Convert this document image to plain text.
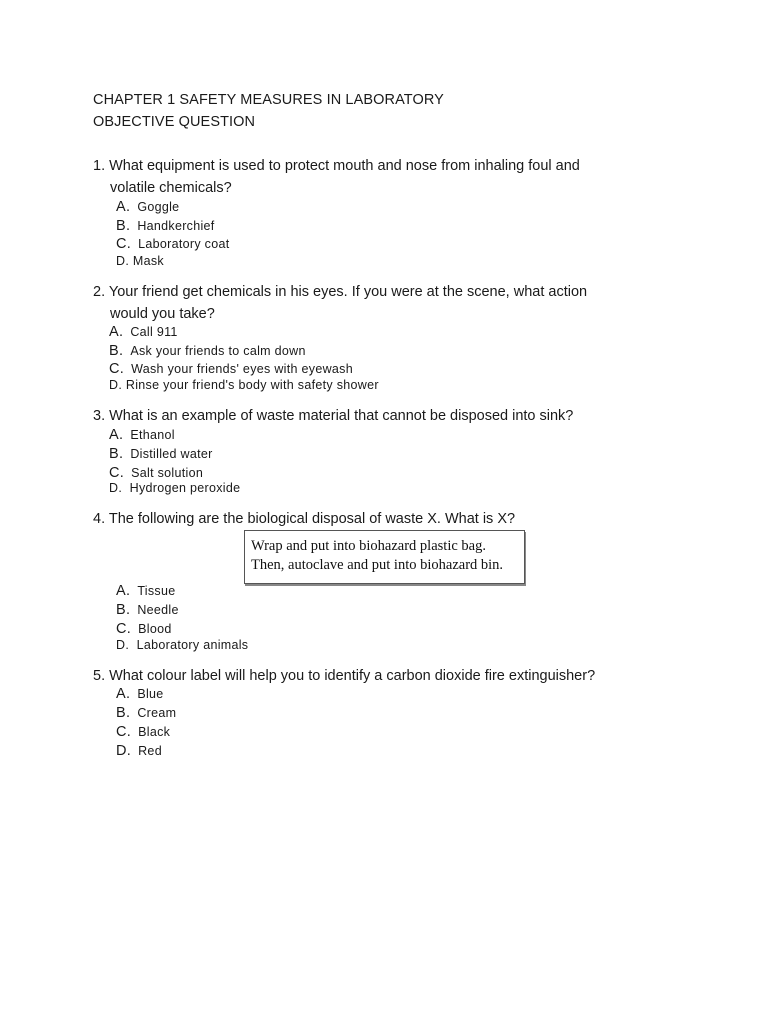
CHAPTER 1 SAFETY MEASURES IN LABORATORY
OBJECTIVE QUESTION
1. What equipment is used to protect mouth and nose from inhaling foul and
volatile chemicals?
A. Goggle
B. Handkerchief
C. Laboratory coat
D. Mask
2. Your friend get chemicals in his eyes. If you were at the scene, what action
would you take?
A. Call 911
B. Ask your friends to calm down
C. Wash your friends' eyes with eyewash
D. Rinse your friend's body with safety shower
3. What is an example of waste material that cannot be disposed into sink?
A. Ethanol
B. Distilled water
C. Salt solution
D. Hydrogen peroxide
4. The following are the biological disposal of waste X. What is X?
Wrap and put into biohazard plastic bag.
Then, autoclave and put into biohazard bin.
A. Tissue
B. Needle
C. Blood
D. Laboratory animals
5. What colour label will help you to identify a carbon dioxide fire extinguisher?
A. Blue
B. Cream
C. Black
D. Red
